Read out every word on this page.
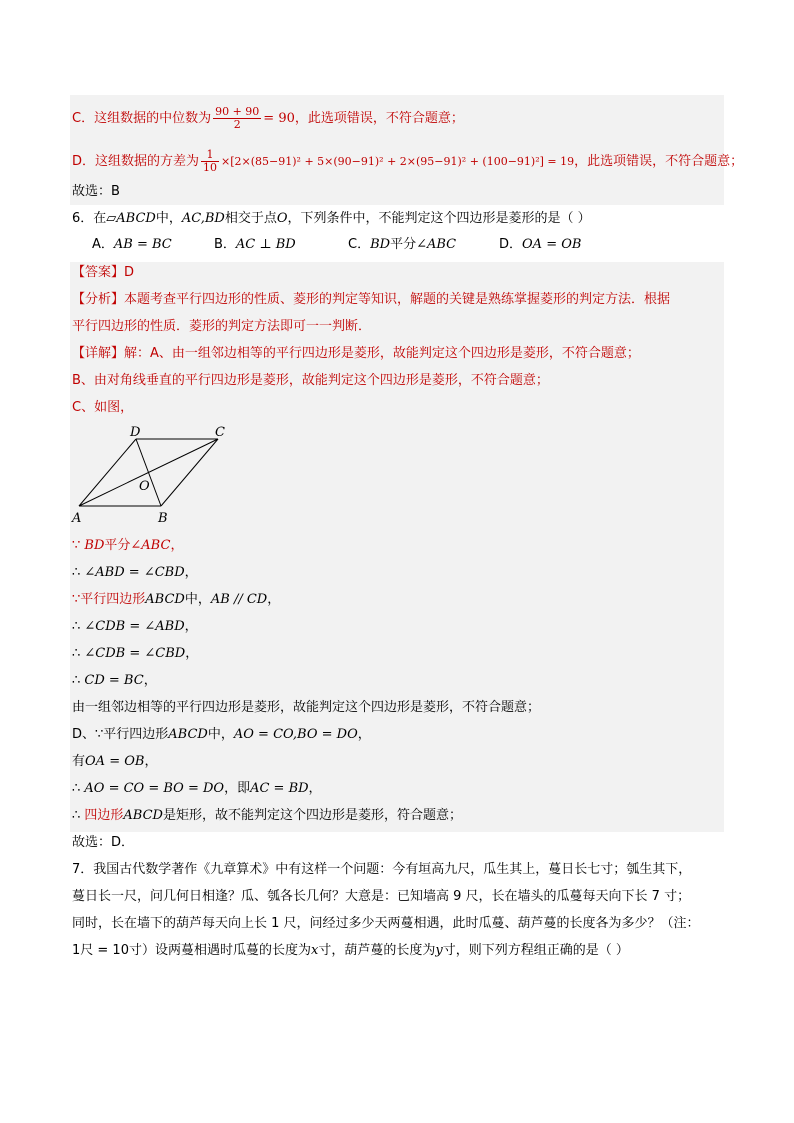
C．这组数据的中位数为 $\frac{90 + 90}{2} = 90$，此选项错误，不符合题意；
D．这组数据的方差为 $\frac{1}{10} \times[2\times(85-91)^2 + 5\times(90-91)^2 + 2\times(95-91)^2 + (100-91)^2] = 19$，此选项错误，不符合题意；
故选：B
6．在▱ABCD中，AC,BD相交于点O，下列条件中，不能判定这个四边形是菱形的是（ ）
A．AB = BC	B．AC ⊥ BD	C．BD平分∠ABC	D．OA = OB
【答案】D
【分析】本题考查平行四边形的性质、菱形的判定等知识，解题的关键是熟练掌握菱形的判定方法．根据
平行四边形的性质．菱形的判定方法即可一一判断．
【详解】解：A、由一组邻边相等的平行四边形是菱形，故能判定这个四边形是菱形，不符合题意；
B、由对角线垂直的平行四边形是菱形，故能判定这个四边形是菱形，不符合题意；
C、如图，
A	B
C
D
O
∵ BD平分∠ABC，
∴ ∠ABD = ∠CBD，
∵平行四边形ABCD中，AB // CD，
∴ ∠CDB = ∠ABD，
∴ ∠CDB = ∠CBD，
∴ CD = BC，
由一组邻边相等的平行四边形是菱形，故能判定这个四边形是菱形，不符合题意；
D、∵平行四边形ABCD中，AO = CO,BO = DO，
有OA = OB，
∴ AO = CO = BO = DO，即AC = BD，
∴ 四边形ABCD是矩形，故不能判定这个四边形是菱形，符合题意；
故选：D．
7．我国古代数学著作《九章算术》中有这样一个问题：今有垣高九尺，瓜生其上，蔓日长七寸；瓠生其下，
蔓日长一尺，问几何日相逢？瓜、瓠各长几何？大意是：已知墙高 9 尺，长在墙头的瓜蔓每天向下长 7 寸；
同时，长在墙下的葫芦每天向上长 1 尺，问经过多少天两蔓相遇，此时瓜蔓、葫芦蔓的长度各为多少？（注：
1尺 = 10寸）设两蔓相遇时瓜蔓的长度为x寸，葫芦蔓的长度为y寸，则下列方程组正确的是（ ）
